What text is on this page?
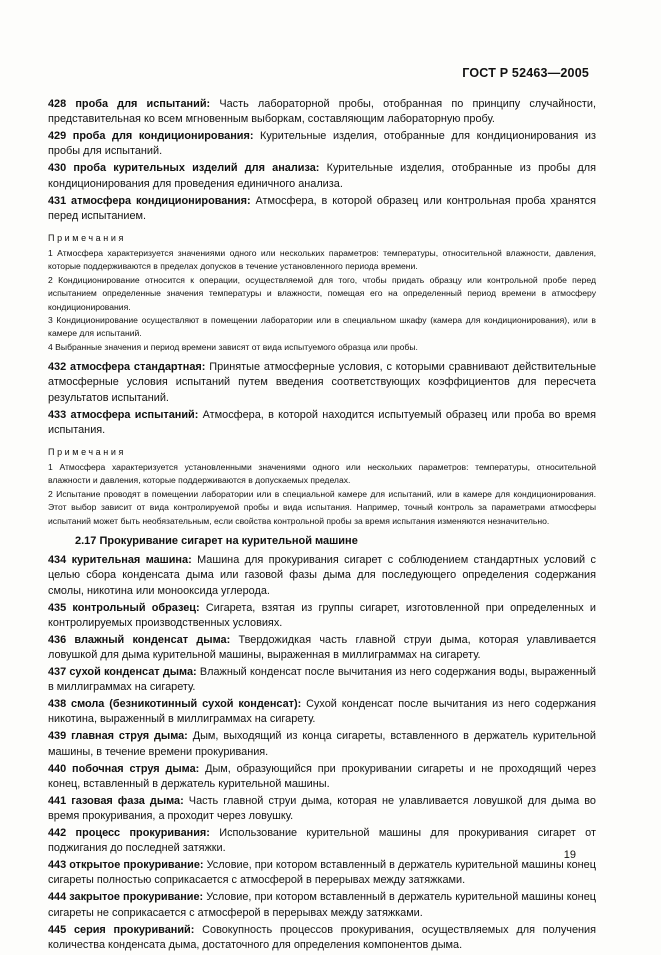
ГОСТ Р 52463—2005

428 проба для испытаний: Часть лабораторной пробы, отобранная по принципу случайности, представительная ко всем мгновенным выборкам, составляющим лабораторную пробу.

429 проба для кондиционирования: Курительные изделия, отобранные для кондиционирования из пробы для испытаний.

430 проба курительных изделий для анализа: Курительные изделия, отобранные из пробы для кондиционирования для проведения единичного анализа.

431 атмосфера кондиционирования: Атмосфера, в которой образец или контрольная проба хранятся перед испытанием.

Примечания

1 Атмосфера характеризуется значениями одного или нескольких параметров: температуры, относительной влажности, давления, которые поддерживаются в пределах допусков в течение установленного периода времени.

2 Кондиционирование относится к операции, осуществляемой для того, чтобы придать образцу или контрольной пробе перед испытанием определенные значения температуры и влажности, помещая его на определенный период времени в атмосферу кондиционирования.

3 Кондиционирование осуществляют в помещении лаборатории или в специальном шкафу (камера для кондиционирования), или в камере для испытаний.

4 Выбранные значения и период времени зависят от вида испытуемого образца или пробы.

432 атмосфера стандартная: Принятые атмосферные условия, с которыми сравнивают действительные атмосферные условия испытаний путем введения соответствующих коэффициентов для пересчета результатов испытаний.

433 атмосфера испытаний: Атмосфера, в которой находится испытуемый образец или проба во время испытания.

Примечания

1 Атмосфера характеризуется установленными значениями одного или нескольких параметров: температуры, относительной влажности и давления, которые поддерживаются в допускаемых пределах.

2 Испытание проводят в помещении лаборатории или в специальной камере для испытаний, или в камере для кондиционирования. Этот выбор зависит от вида контролируемой пробы и вида испытания. Например, точный контроль за параметрами атмосферы испытаний может быть необязательным, если свойства контрольной пробы за время испытания изменяются незначительно.

2.17 Прокуривание сигарет на курительной машине

434 курительная машина: Машина для прокуривания сигарет с соблюдением стандартных условий с целью сбора конденсата дыма или газовой фазы дыма для последующего определения содержания смолы, никотина или монооксида углерода.

435 контрольный образец: Сигарета, взятая из группы сигарет, изготовленной при определенных и контролируемых производственных условиях.

436 влажный конденсат дыма: Твердожидкая часть главной струи дыма, которая улавливается ловушкой для дыма курительной машины, выраженная в миллиграммах на сигарету.

437 сухой конденсат дыма: Влажный конденсат после вычитания из него содержания воды, выраженный в миллиграммах на сигарету.

438 смола (безникотинный сухой конденсат): Сухой конденсат после вычитания из него содержания никотина, выраженный в миллиграммах на сигарету.

439 главная струя дыма: Дым, выходящий из конца сигареты, вставленного в держатель курительной машины, в течение времени прокуривания.

440 побочная струя дыма: Дым, образующийся при прокуривании сигареты и не проходящий через конец, вставленный в держатель курительной машины.

441 газовая фаза дыма: Часть главной струи дыма, которая не улавливается ловушкой для дыма во время прокуривания, а проходит через ловушку.

442 процесс прокуривания: Использование курительной машины для прокуривания сигарет от поджигания до последней затяжки.

443 открытое прокуривание: Условие, при котором вставленный в держатель курительной машины конец сигареты полностью соприкасается с атмосферой в перерывах между затяжками.

444 закрытое прокуривание: Условие, при котором вставленный в держатель курительной машины конец сигареты не соприкасается с атмосферой в перерывах между затяжками.

445 серия прокуриваний: Совокупность процессов прокуривания, осуществляемых для получения количества конденсата дыма, достаточного для определения компонентов дыма.

19
